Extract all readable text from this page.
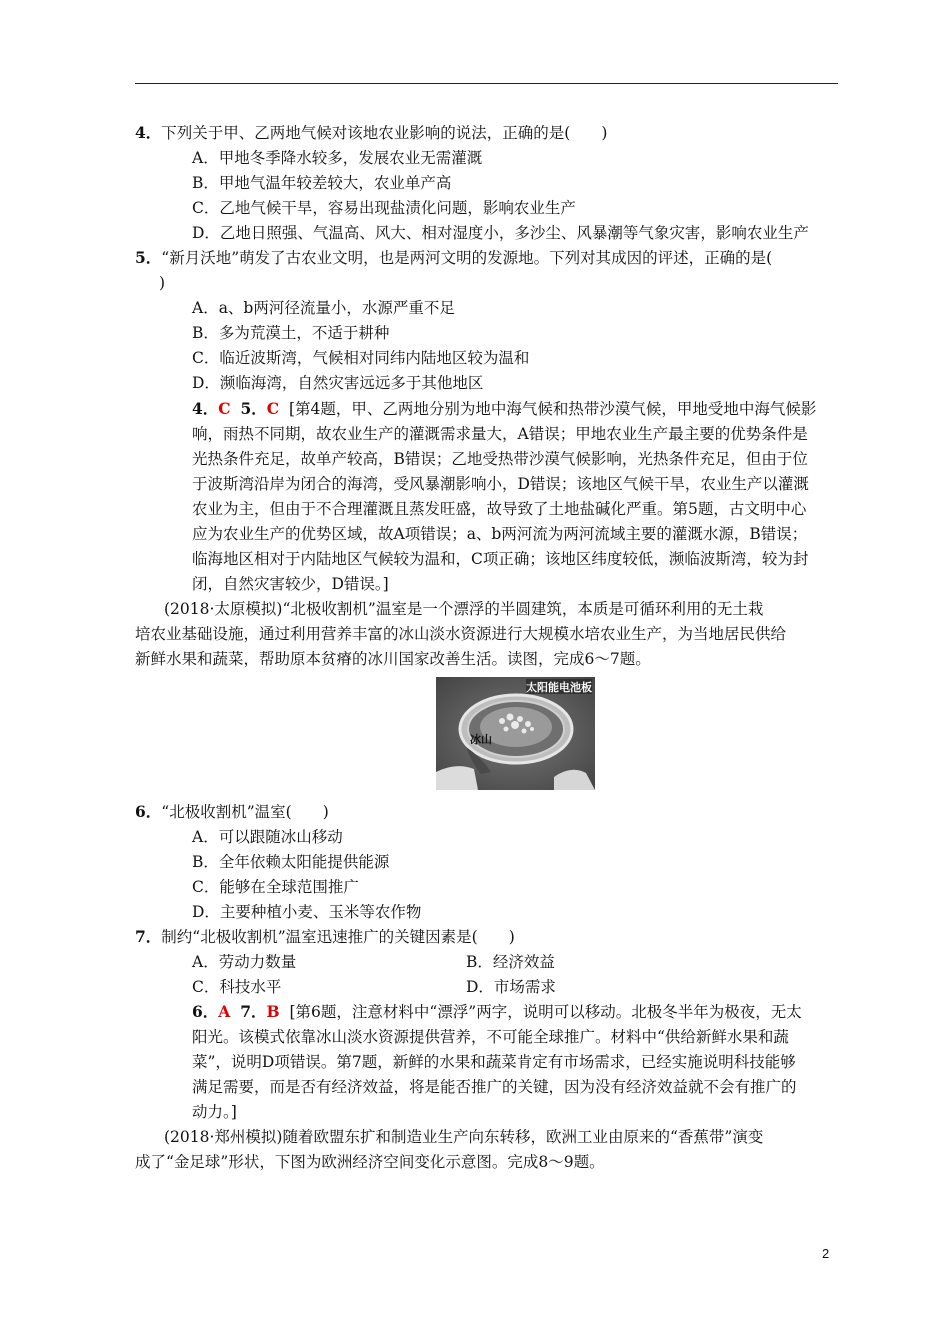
4．下列关于甲、乙两地气候对该地农业影响的说法，正确的是(　　)
A．甲地冬季降水较多，发展农业无需灌溉
B．甲地气温年较差较大，农业单产高
C．乙地气候干旱，容易出现盐渍化问题，影响农业生产
D．乙地日照强、气温高、风大、相对湿度小，多沙尘、风暴潮等气象灾害，影响农业生产
5．“新月沃地”萌发了古农业文明，也是两河文明的发源地。下列对其成因的评述，正确的是(
)
A．a、b两河径流量小，水源严重不足
B．多为荒漠土，不适于耕种
C．临近波斯湾，气候相对同纬内陆地区较为温和
D．濒临海湾，自然灾害远远多于其他地区
4．C 5．C [第4题，甲、乙两地分别为地中海气候和热带沙漠气候，甲地受地中海气候影
响，雨热不同期，故农业生产的灌溉需求量大，A错误；甲地农业生产最主要的优势条件是
光热条件充足，故单产较高，B错误；乙地受热带沙漠气候影响，光热条件充足，但由于位
于波斯湾沿岸为闭合的海湾，受风暴潮影响小，D错误；该地区气候干旱，农业生产以灌溉
农业为主，但由于不合理灌溉且蒸发旺盛，故导致了土地盐碱化严重。第5题，古文明中心
应为农业生产的优势区域，故A项错误；a、b两河流为两河流域主要的灌溉水源，B错误；
临海地区相对于内陆地区气候较为温和，C项正确；该地区纬度较低，濒临波斯湾，较为封
闭，自然灾害较少，D错误。]
(2018·太原模拟)“北极收割机”温室是一个漂浮的半圆建筑，本质是可循环利用的无土栽
培农业基础设施，通过利用营养丰富的冰山淡水资源进行大规模水培农业生产，为当地居民供给
新鲜水果和蔬菜，帮助原本贫瘠的冰川国家改善生活。读图，完成6～7题。
太阳能电池板
冰山
6．“北极收割机”温室(　　)
A．可以跟随冰山移动
B．全年依赖太阳能提供能源
C．能够在全球范围推广
D．主要种植小麦、玉米等农作物
7．制约“北极收割机”温室迅速推广的关键因素是(　　)
A．劳动力数量	B．经济效益
C．科技水平	D．市场需求
6．A 7．B [第6题，注意材料中“漂浮”两字，说明可以移动。北极冬半年为极夜，无太
阳光。该模式依靠冰山淡水资源提供营养，不可能全球推广。材料中“供给新鲜水果和蔬
菜”，说明D项错误。第7题，新鲜的水果和蔬菜肯定有市场需求，已经实施说明科技能够
满足需要，而是否有经济效益，将是能否推广的关键，因为没有经济效益就不会有推广的
动力。]
(2018·郑州模拟)随着欧盟东扩和制造业生产向东转移，欧洲工业由原来的“香蕉带”演变
成了“金足球”形状，下图为欧洲经济空间变化示意图。完成8～9题。
2
